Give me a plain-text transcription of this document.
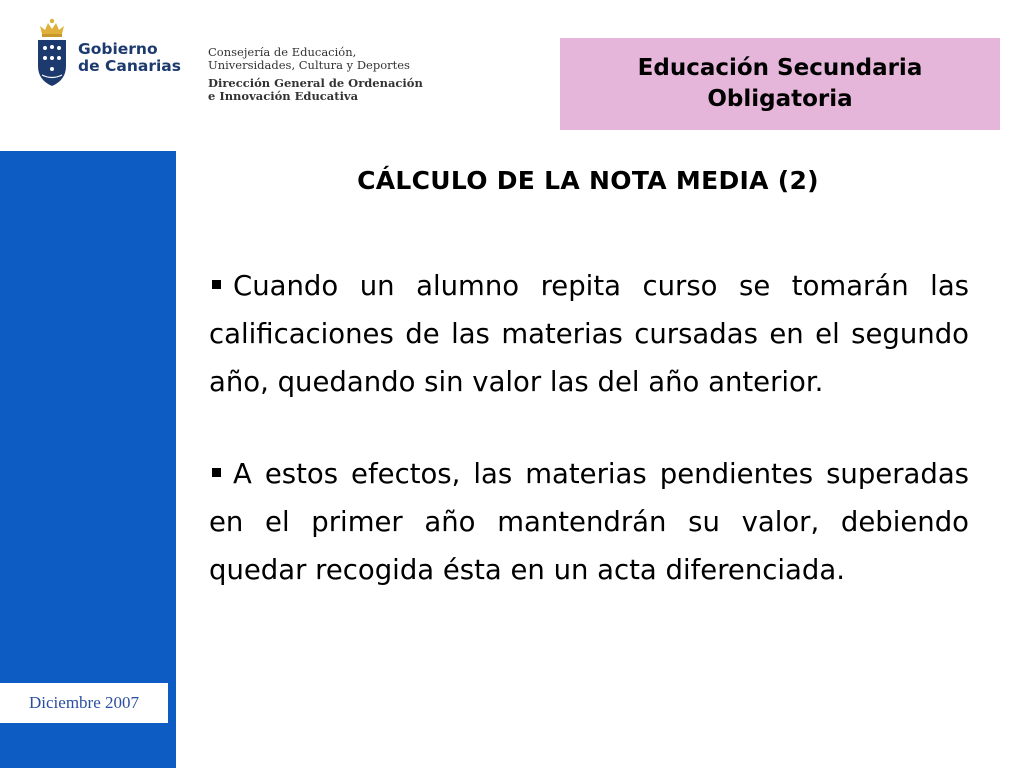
Gobierno
de Canarias
Consejería de Educación,
Universidades, Cultura y Deportes
Dirección General de Ordenación
e Innovación Educativa
Educación Secundaria
Obligatoria
Diciembre 2007
CÁLCULO DE LA NOTA MEDIA (2)

Cuando un alumno repita curso se tomarán las calificaciones de las materias cursadas en el segundo año, quedando sin valor las del año anterior.

A estos efectos, las materias pendientes superadas en el primer año mantendrán su valor, debiendo quedar recogida ésta en un acta diferenciada.
